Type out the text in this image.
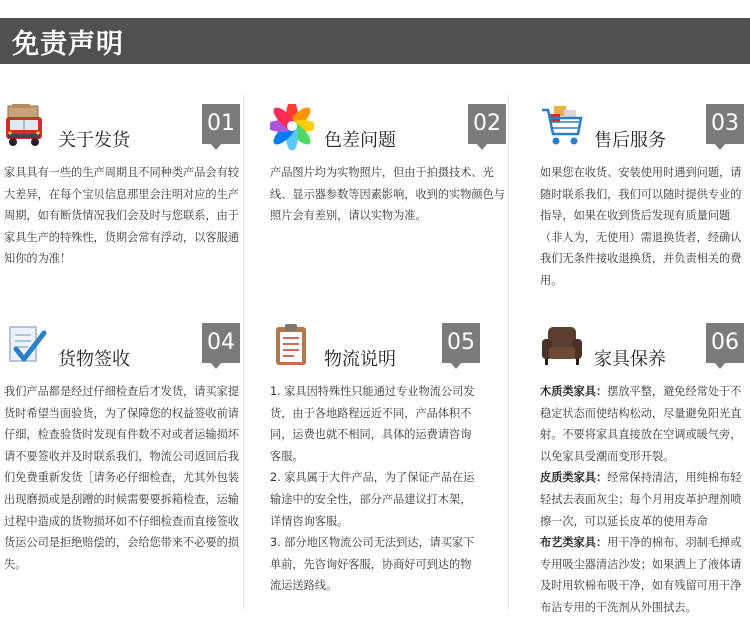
免责声明
关于发货
01

家具具有一些的生产周期且不同种类产品会有较大差异，在每个宝贝信息那里会注明对应的生产周期，如有断货情况我们会及时与您联系，由于家具生产的特殊性，货期会常有浮动，以客服通知你的为准！

色差问题
02

产品图片均为实物照片，但由于拍摄技术、光线、显示器参数等因素影响，收到的实物颜色与照片会有差别，请以实物为准。

售后服务
03

如果您在收货、安装使用时遇到问题，请随时联系我们，我们可以随时提供专业的指导，如果在收到货后发现有质量问题（非人为，无使用）需退换货者，经确认我们无条件接收退换货，并负责相关的费用。

货物签收
04

我们产品都是经过仔细检查后才发货，请买家提货时希望当面验货，为了保障您的权益签收前请仔细，检查验货时发现有件数不对或者运输损坏请不要签收并及时联系我们，物流公司返回后我们免费重新发货［请务必仔细检查，尤其外包装出现磨损或是刮蹭的时候需要要拆箱检查，运输过程中造成的货物损坏如不仔细检查而直接签收货运公司是拒绝赔偿的，会给您带来不必要的损失。

物流说明
05

1. 家具因特殊性只能通过专业物流公司发货，由于各地路程远近不同，产品体积不同，运费也就不相同，具体的运费请咨询客服。

2. 家具属于大件产品，为了保证产品在运输途中的安全性，部分产品建议打木架，详情咨询客服。

3. 部分地区物流公司无法到达，请买家下单前，先咨询好客服，协商好可到达的物流运送路线。

家具保养
06

木质类家具：摆放平整，避免经常处于不稳定状态而使结构松动，尽量避免阳光直射。不要将家具直接放在空调或暖气旁，以免家具受潮而变形开裂。

皮质类家具：经常保持清洁，用纯棉布轻轻拭去表面灰尘；每个月用皮革护理剂喷擦一次，可以延长皮革的使用寿命

布艺类家具：用干净的棉布、羽制毛掸或专用吸尘器清洁沙发；如果洒上了液体请及时用软棉布吸干净，如有残留可用干净布沾专用的干洗剂从外围拭去。
